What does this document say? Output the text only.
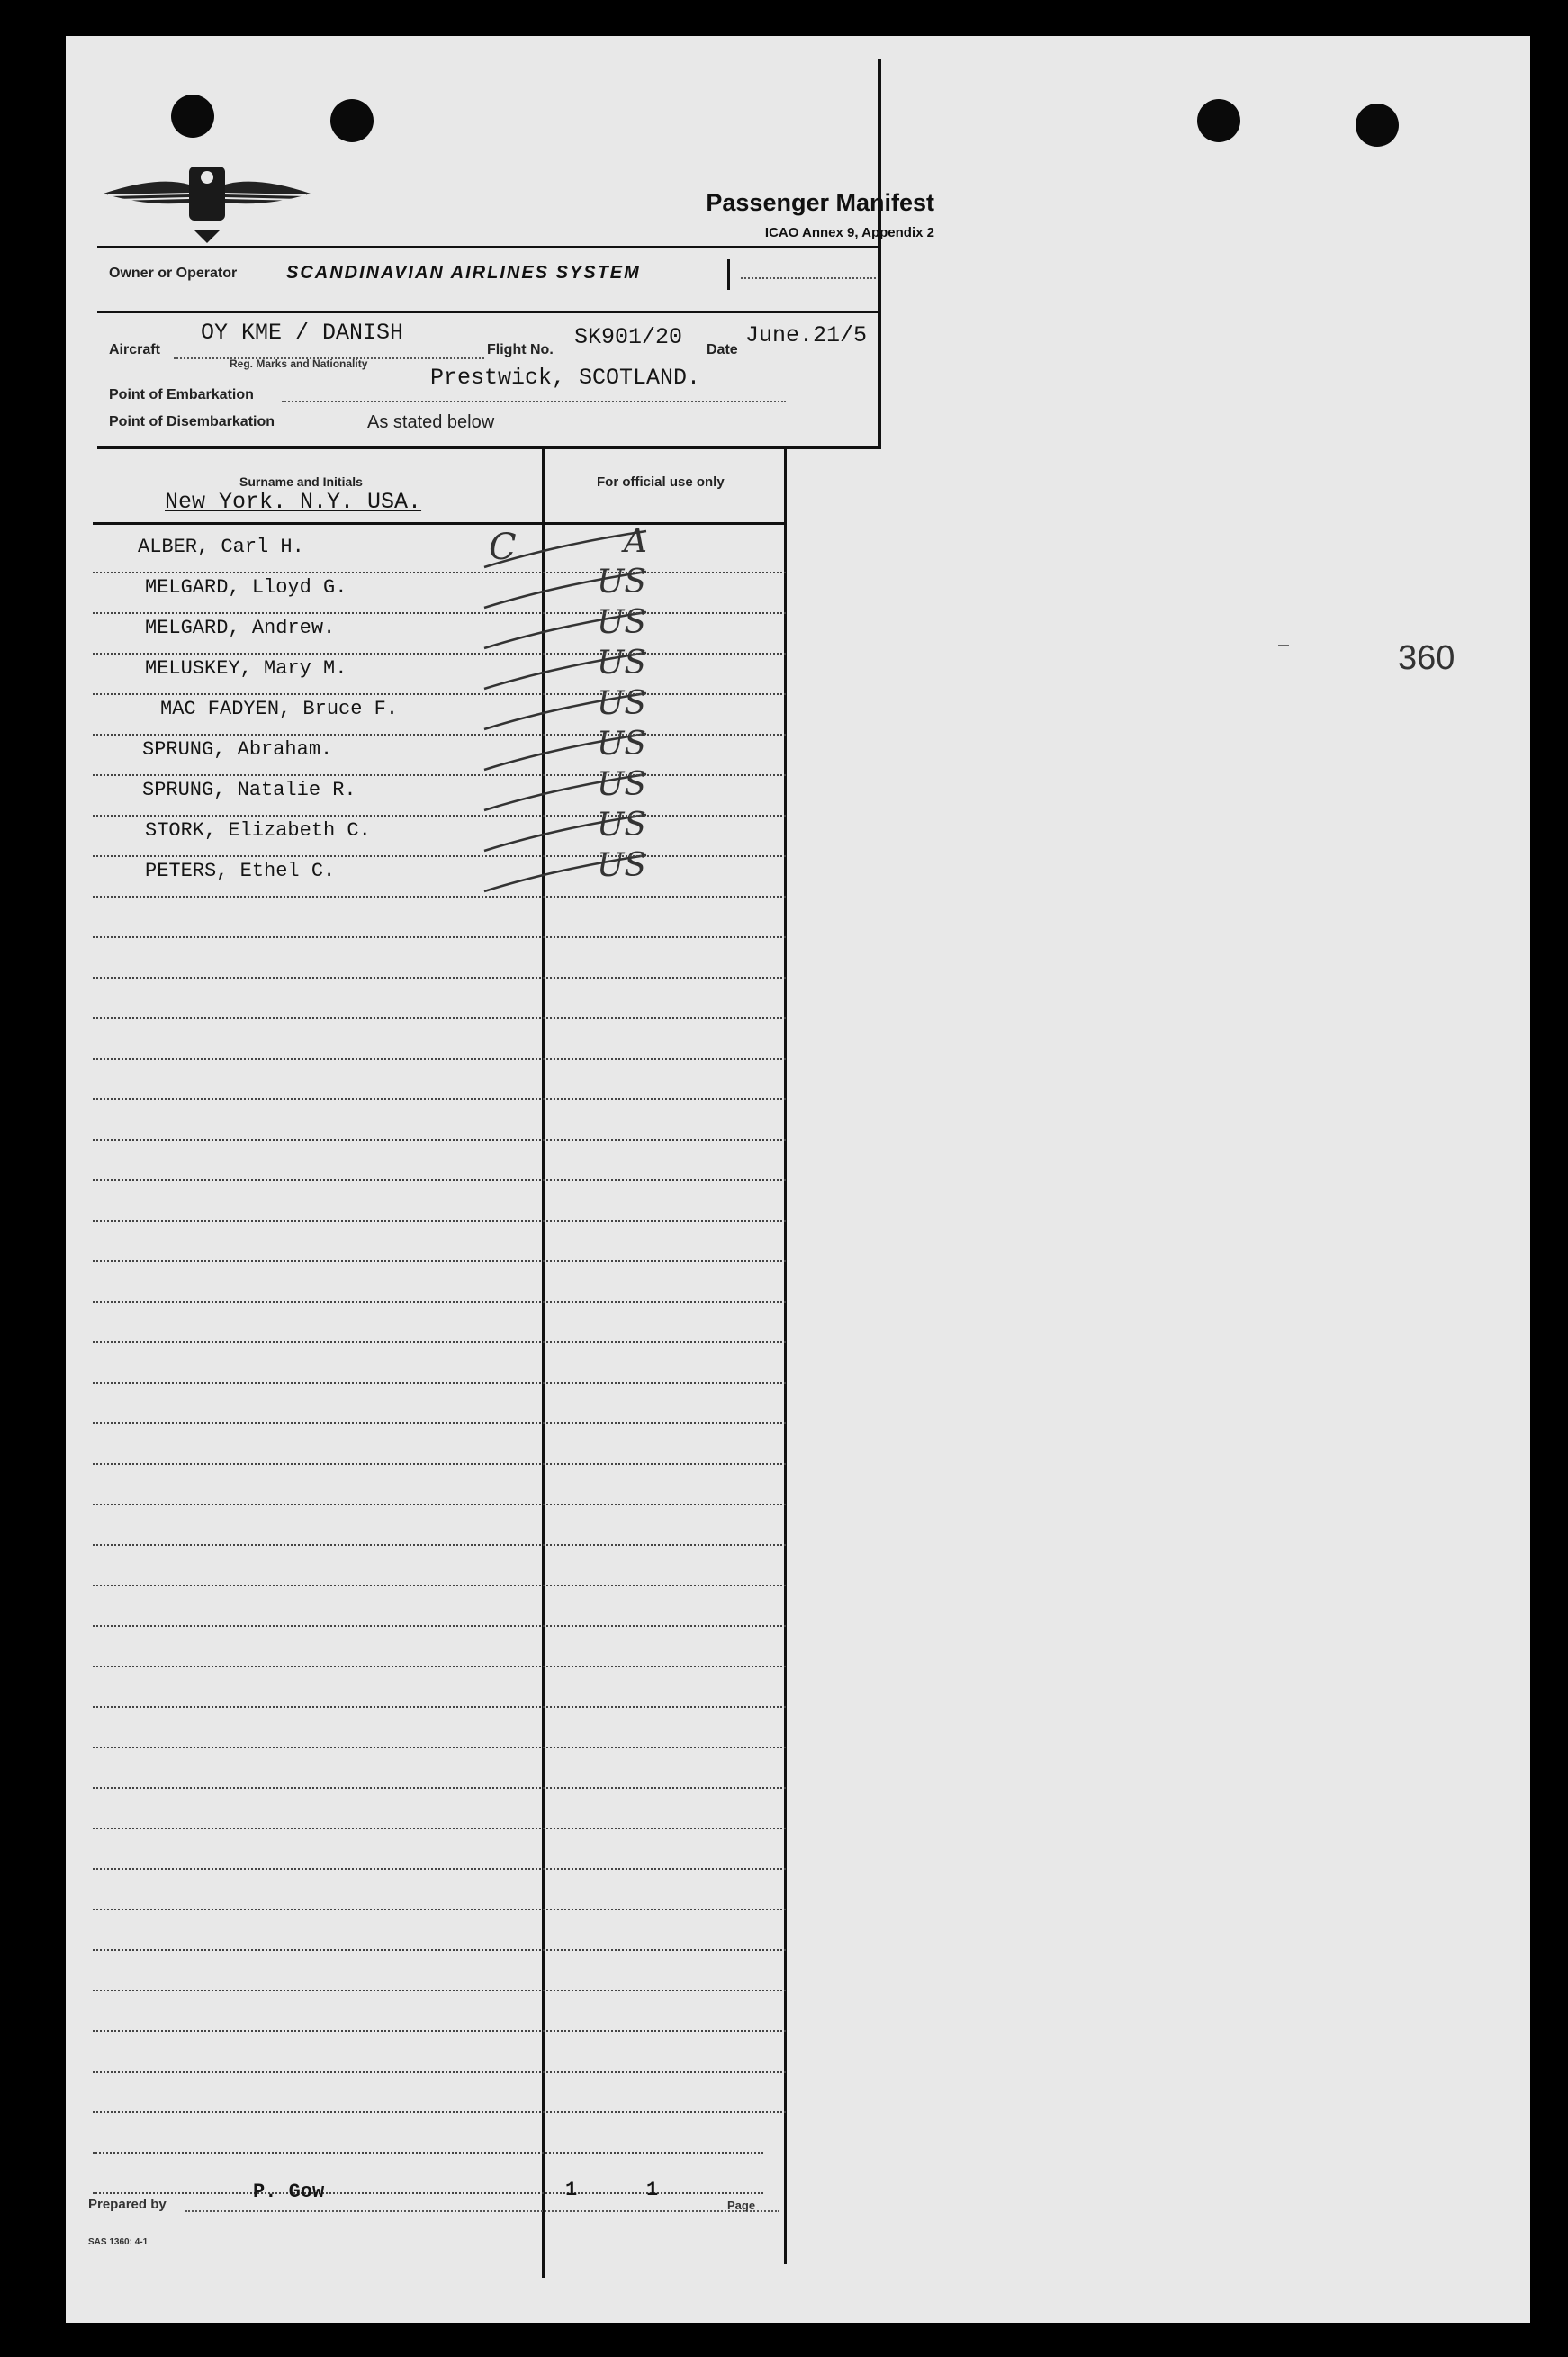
Passenger Manifest
ICAO Annex 9, Appendix 2
Owner or Operator	SCANDINAVIAN AIRLINES SYSTEM
Aircraft
OY KME / DANISH
Reg. Marks and Nationality
Flight No. SK901/20 Date
June.21/5
Point of Embarkation
Prestwick, SCOTLAND.
Point of Disembarkation	As stated below
Surname and Initials	For official use only
New York. N.Y. USA.
ALBER, Carl H.	A
MELGARD, Lloyd G.	US
MELGARD, Andrew.	US
MELUSKEY, Mary M.	US
MAC FADYEN, Bruce F.	US
SPRUNG, Abraham.	US
SPRUNG, Natalie R.	US
STORK, Elizabeth C.	US
PETERS, Ethel C.	US
C
Prepared by
P. Gow	1	1
Page
SAS 1360: 4-1
360
